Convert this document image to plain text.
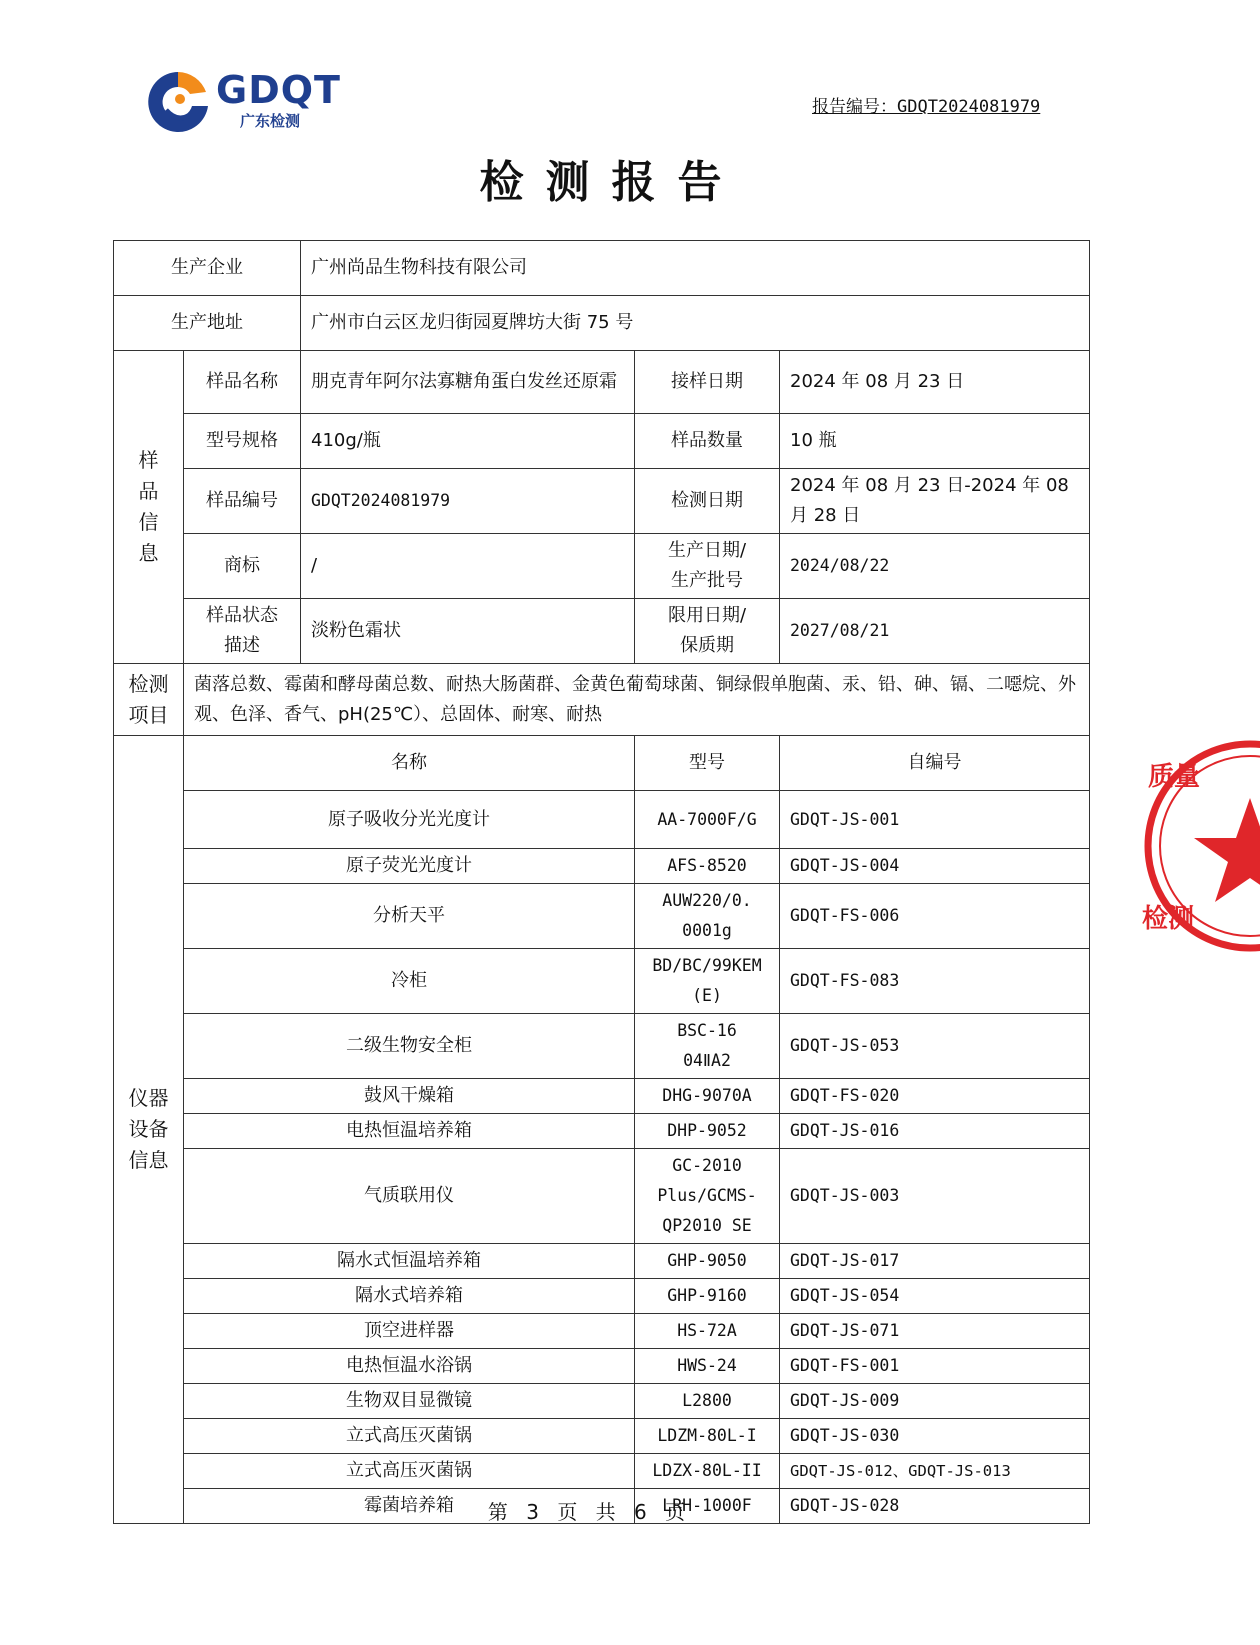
GDQT
广东检测
报告编号：GDQT2024081979
检测报告
生产企业		广州尚品生物科技有限公司		
生产地址		广州市白云区龙归街园夏牌坊大街 75 号		

样品信息	样品名称	朋克青年阿尔法寡糖角蛋白发丝还原霜	接样日期	2024 年 08 月 23 日
	型号规格	410g/瓶	样品数量	10 瓶
	样品编号	GDQT2024081979	检测日期	2024 年 08 月 23 日-2024 年 08 月 28 日
	商标	/	生产日期/生产批号	2024/08/22

	样品状态描述	淡粉色霜状	限用日期/保质期	2027/08/21

检测项目	菌落总数、霉菌和酵母菌总数、耐热大肠菌群、金黄色葡萄球菌、铜绿假单胞菌、汞、铅、砷、镉、二噁烷、外观、色泽、香气、pH(25℃）、总固体、耐寒、耐热			

仪器设备信息	名称		型号	自编号
	原子吸收分光光度计		AA-7000F/G	GDQT-JS-001
	原子荧光光度计		AFS-8520	GDQT-JS-004
	分析天平		AUW220/0.0001g	GDQT-FS-006
	冷柜		BD/BC/99KEM(E)	GDQT-FS-083
	二级生物安全柜		BSC-1604ⅡA2	GDQT-JS-053
	鼓风干燥箱		DHG-9070A	GDQT-FS-020
	电热恒温培养箱		DHP-9052	GDQT-JS-016
	气质联用仪		GC-2010 Plus/GCMS-QP2010 SE	GDQT-JS-003
	隔水式恒温培养箱		GHP-9050	GDQT-JS-017
	隔水式培养箱		GHP-9160	GDQT-JS-054
	顶空进样器		HS-72A	GDQT-JS-071
	电热恒温水浴锅		HWS-24	GDQT-FS-001
	生物双目显微镜		L2800	GDQT-JS-009
	立式高压灭菌锅		LDZM-80L-I	GDQT-JS-030
	立式高压灭菌锅		LDZX-80L-II	GDQT-JS-012、GDQT-JS-013
	霉菌培养箱		LRH-1000F	GDQT-JS-028
第 3 页 共 6 页
质量
检测
